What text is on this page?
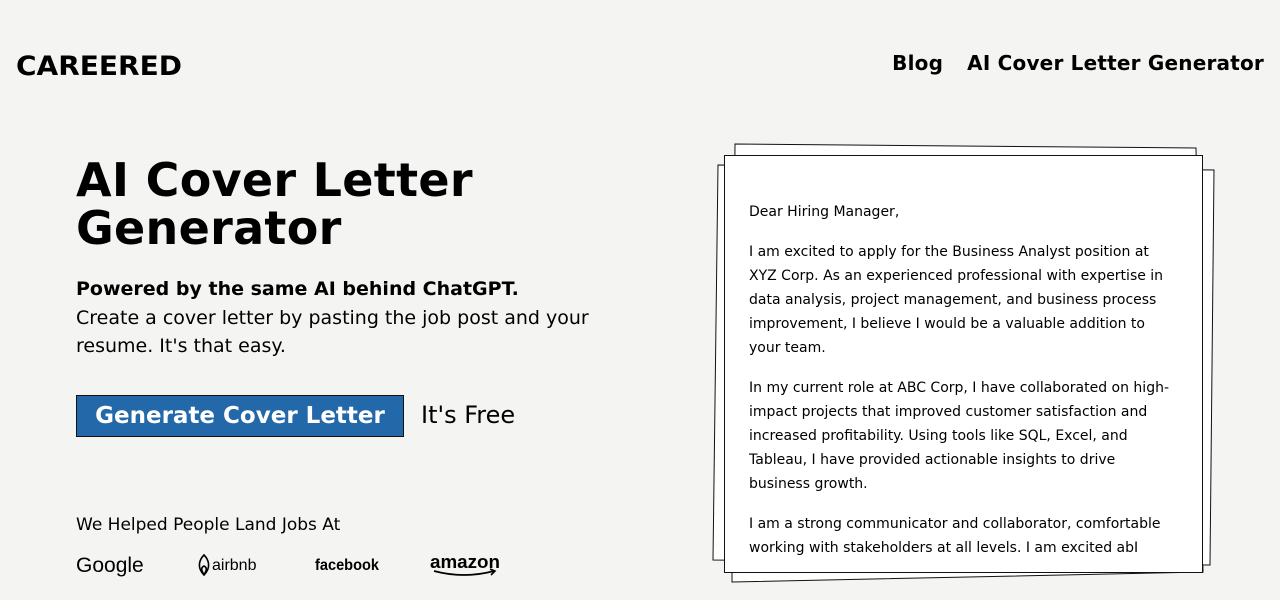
CAREERED	Blog AI Cover Letter Generator
AI Cover Letter Generator

Powered by the same AI behind ChatGPT.

Create a cover letter by pasting the job post and your resume. It's that easy.

Generate Cover Letter	It's Free
We Helped People Land Jobs At
Google	airbnb	facebook	amazon

Dear Hiring Manager,

I am excited to apply for the Business Analyst position at XYZ Corp. As an experienced professional with expertise in data analysis, project management, and business process improvement, I believe I would be a valuable addition to your team.

In my current role at ABC Corp, I have collaborated on high-impact projects that improved customer satisfaction and increased profitability. Using tools like SQL, Excel, and Tableau, I have provided actionable insights to drive business growth.

I am a strong communicator and collaborator, comfortable working with stakeholders at all levels. I am excited abI
